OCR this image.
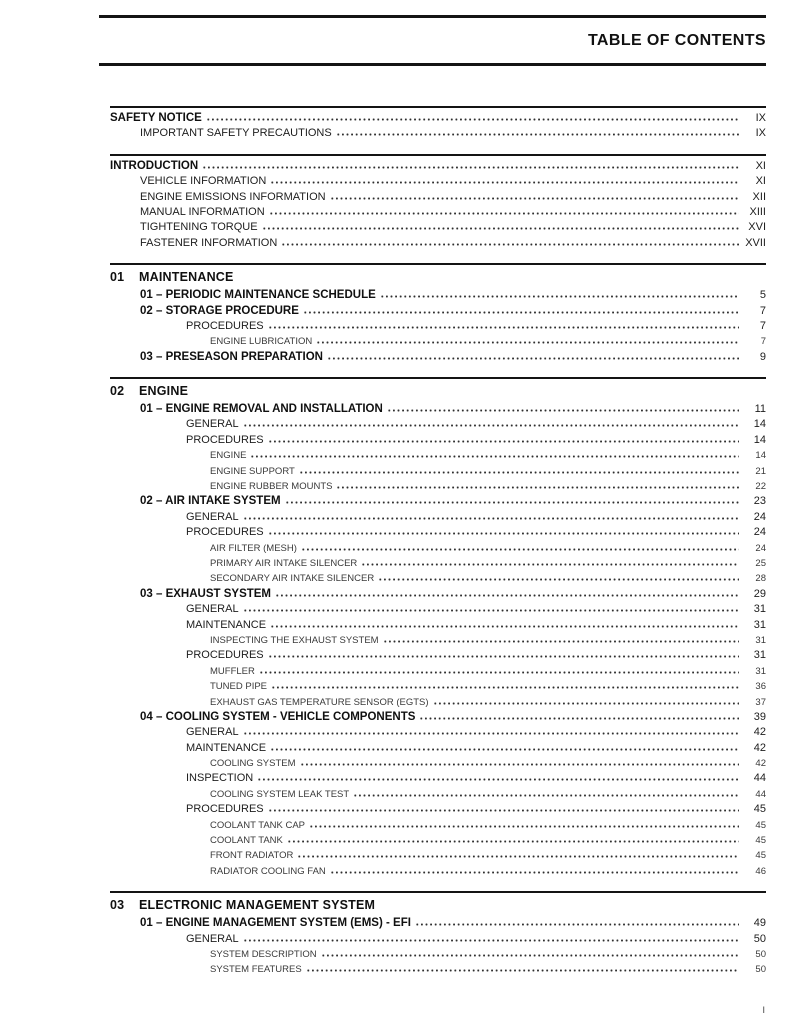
TABLE OF CONTENTS
SAFETY NOTICE	IX
IMPORTANT SAFETY PRECAUTIONS	IX
INTRODUCTION	XI
VEHICLE INFORMATION	XI
ENGINE EMISSIONS INFORMATION	XII
MANUAL INFORMATION	XIII
TIGHTENING TORQUE	XVI
FASTENER INFORMATION	XVII
01	MAINTENANCE
01 – PERIODIC MAINTENANCE SCHEDULE	5
02 – STORAGE PROCEDURE	7
PROCEDURES	7
ENGINE LUBRICATION	7
03 – PRESEASON PREPARATION	9
02	ENGINE
01 – ENGINE REMOVAL AND INSTALLATION	11
GENERAL	14
PROCEDURES	14
ENGINE	14
ENGINE SUPPORT	21
ENGINE RUBBER MOUNTS	22
02 – AIR INTAKE SYSTEM	23
GENERAL	24
PROCEDURES	24
AIR FILTER (MESH)	24
PRIMARY AIR INTAKE SILENCER	25
SECONDARY AIR INTAKE SILENCER	28
03 – EXHAUST SYSTEM	29
GENERAL	31
MAINTENANCE	31
INSPECTING THE EXHAUST SYSTEM	31
PROCEDURES	31
MUFFLER	31
TUNED PIPE	36
EXHAUST GAS TEMPERATURE SENSOR (EGTS)	37
04 – COOLING SYSTEM - VEHICLE COMPONENTS	39
GENERAL	42
MAINTENANCE	42
COOLING SYSTEM	42
INSPECTION	44
COOLING SYSTEM LEAK TEST	44
PROCEDURES	45
COOLANT TANK CAP	45
COOLANT TANK	45
FRONT RADIATOR	45
RADIATOR COOLING FAN	46
03	ELECTRONIC MANAGEMENT SYSTEM
01 – ENGINE MANAGEMENT SYSTEM (EMS) - EFI	49
GENERAL	50
SYSTEM DESCRIPTION	50
SYSTEM FEATURES	50
I
